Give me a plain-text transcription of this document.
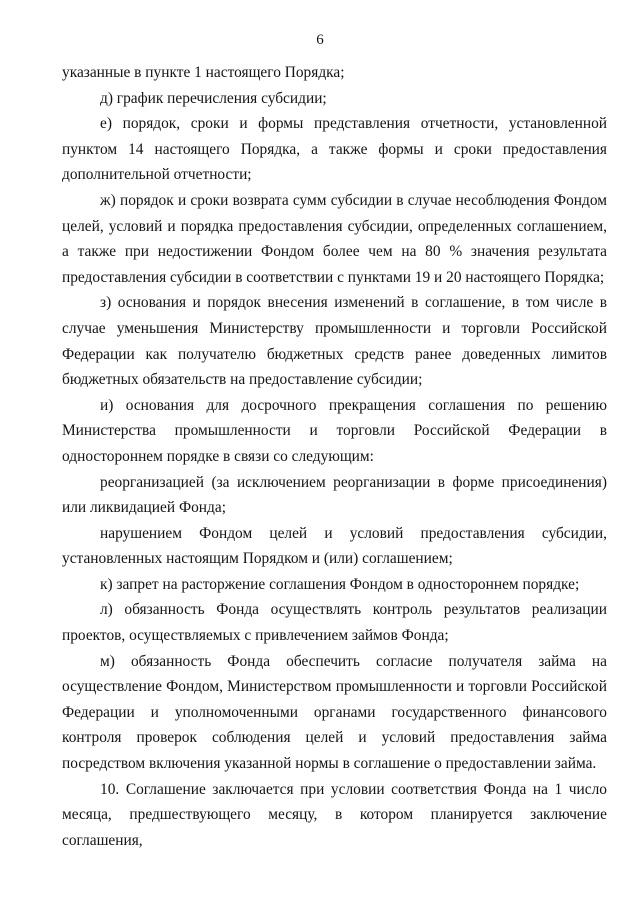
6

указанные в пункте 1 настоящего Порядка;

д) график перечисления субсидии;

е) порядок, сроки и формы представления отчетности, установленной пунктом 14 настоящего Порядка, а также формы и сроки предоставления дополнительной отчетности;

ж) порядок и сроки возврата сумм субсидии в случае несоблюдения Фондом целей, условий и порядка предоставления субсидии, определенных соглашением, а также при недостижении Фондом более чем на 80 % значения результата предоставления субсидии в соответствии с пунктами 19 и 20 настоящего Порядка;

з) основания и порядок внесения изменений в соглашение, в том числе в случае уменьшения Министерству промышленности и торговли Российской Федерации как получателю бюджетных средств ранее доведенных лимитов бюджетных обязательств на предоставление субсидии;

и) основания для досрочного прекращения соглашения по решению Министерства промышленности и торговли Российской Федерации в одностороннем порядке в связи со следующим:

реорганизацией (за исключением реорганизации в форме присоединения) или ликвидацией Фонда;

нарушением Фондом целей и условий предоставления субсидии, установленных настоящим Порядком и (или) соглашением;

к) запрет на расторжение соглашения Фондом в одностороннем порядке;

л) обязанность Фонда осуществлять контроль результатов реализации проектов, осуществляемых с привлечением займов Фонда;

м) обязанность Фонда обеспечить согласие получателя займа на осуществление Фондом, Министерством промышленности и торговли Российской Федерации и уполномоченными органами государственного финансового контроля проверок соблюдения целей и условий предоставления займа посредством включения указанной нормы в соглашение о предоставлении займа.

10. Соглашение заключается при условии соответствия Фонда на 1 число месяца, предшествующего месяцу, в котором планируется заключение соглашения,
